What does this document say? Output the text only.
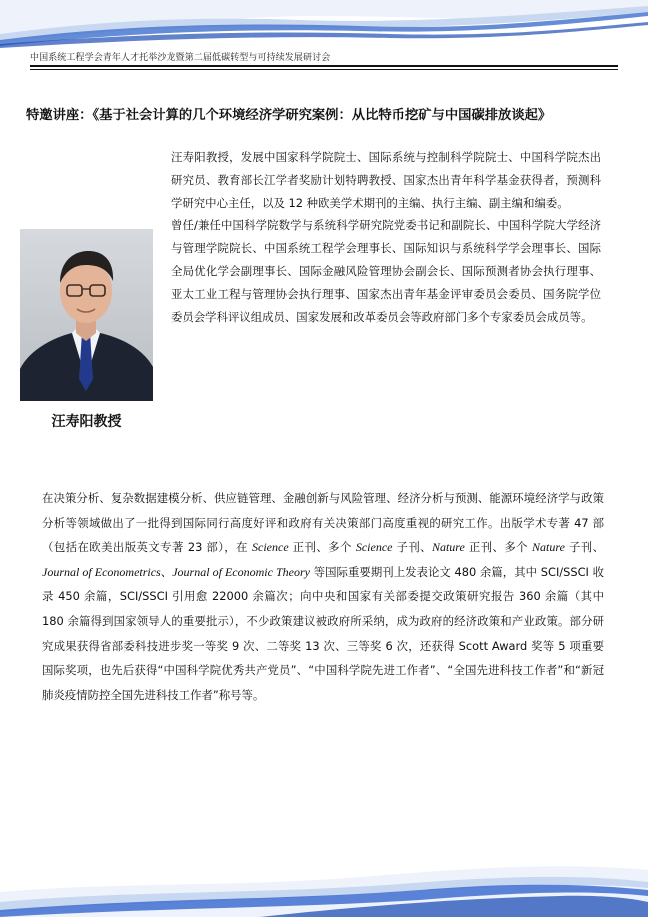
中国系统工程学会青年人才托举沙龙暨第二届低碳转型与可持续发展研讨会
特邀讲座：《基于社会计算的几个环境经济学研究案例：从比特币挖矿与中国碳排放谈起》

汪寿阳教授，发展中国家科学院院士、国际系统与控制科学院院士、中国科学院杰出研究员、教育部长江学者奖励计划特聘教授、国家杰出青年科学基金获得者，预测科学研究中心主任，以及 12 种欧美学术期刊的主编、执行主编、副主编和编委。

曾任/兼任中国科学院数学与系统科学研究院党委书记和副院长、中国科学院大学经济与管理学院院长、中国系统工程学会理事长、国际知识与系统科学学会理事长、国际全局优化学会副理事长、国际金融风险管理协会副会长、国际预测者协会执行理事、亚太工业工程与管理协会执行理事、国家杰出青年基金评审委员会委员、国务院学位委员会学科评议组成员、国家发展和改革委员会等政府部门多个专家委员会成员等。

汪寿阳教授
在决策分析、复杂数据建模分析、供应链管理、金融创新与风险管理、经济分析与预测、能源环境经济学与政策分析等领域做出了一批得到国际同行高度好评和政府有关决策部门高度重视的研究工作。出版学术专著 47 部（包括在欧美出版英文专著 23 部），在 Science 正刊、多个 Science 子刊、Nature 正刊、多个 Nature 子刊、Journal of Econometrics、Journal of Economic Theory 等国际重要期刊上发表论文 480 余篇，其中 SCI/SSCI 收录 450 余篇，SCI/SSCI 引用愈 22000 余篇次；向中央和国家有关部委提交政策研究报告 360 余篇（其中 180 余篇得到国家领导人的重要批示），不少政策建议被政府所采纳，成为政府的经济政策和产业政策。部分研究成果获得省部委科技进步奖一等奖 9 次、二等奖 13 次、三等奖 6 次，还获得 Scott Award 奖等 5 项重要国际奖项，也先后获得“中国科学院优秀共产党员”、“中国科学院先进工作者”、“全国先进科技工作者”和“新冠肺炎疫情防控全国先进科技工作者”称号等。
